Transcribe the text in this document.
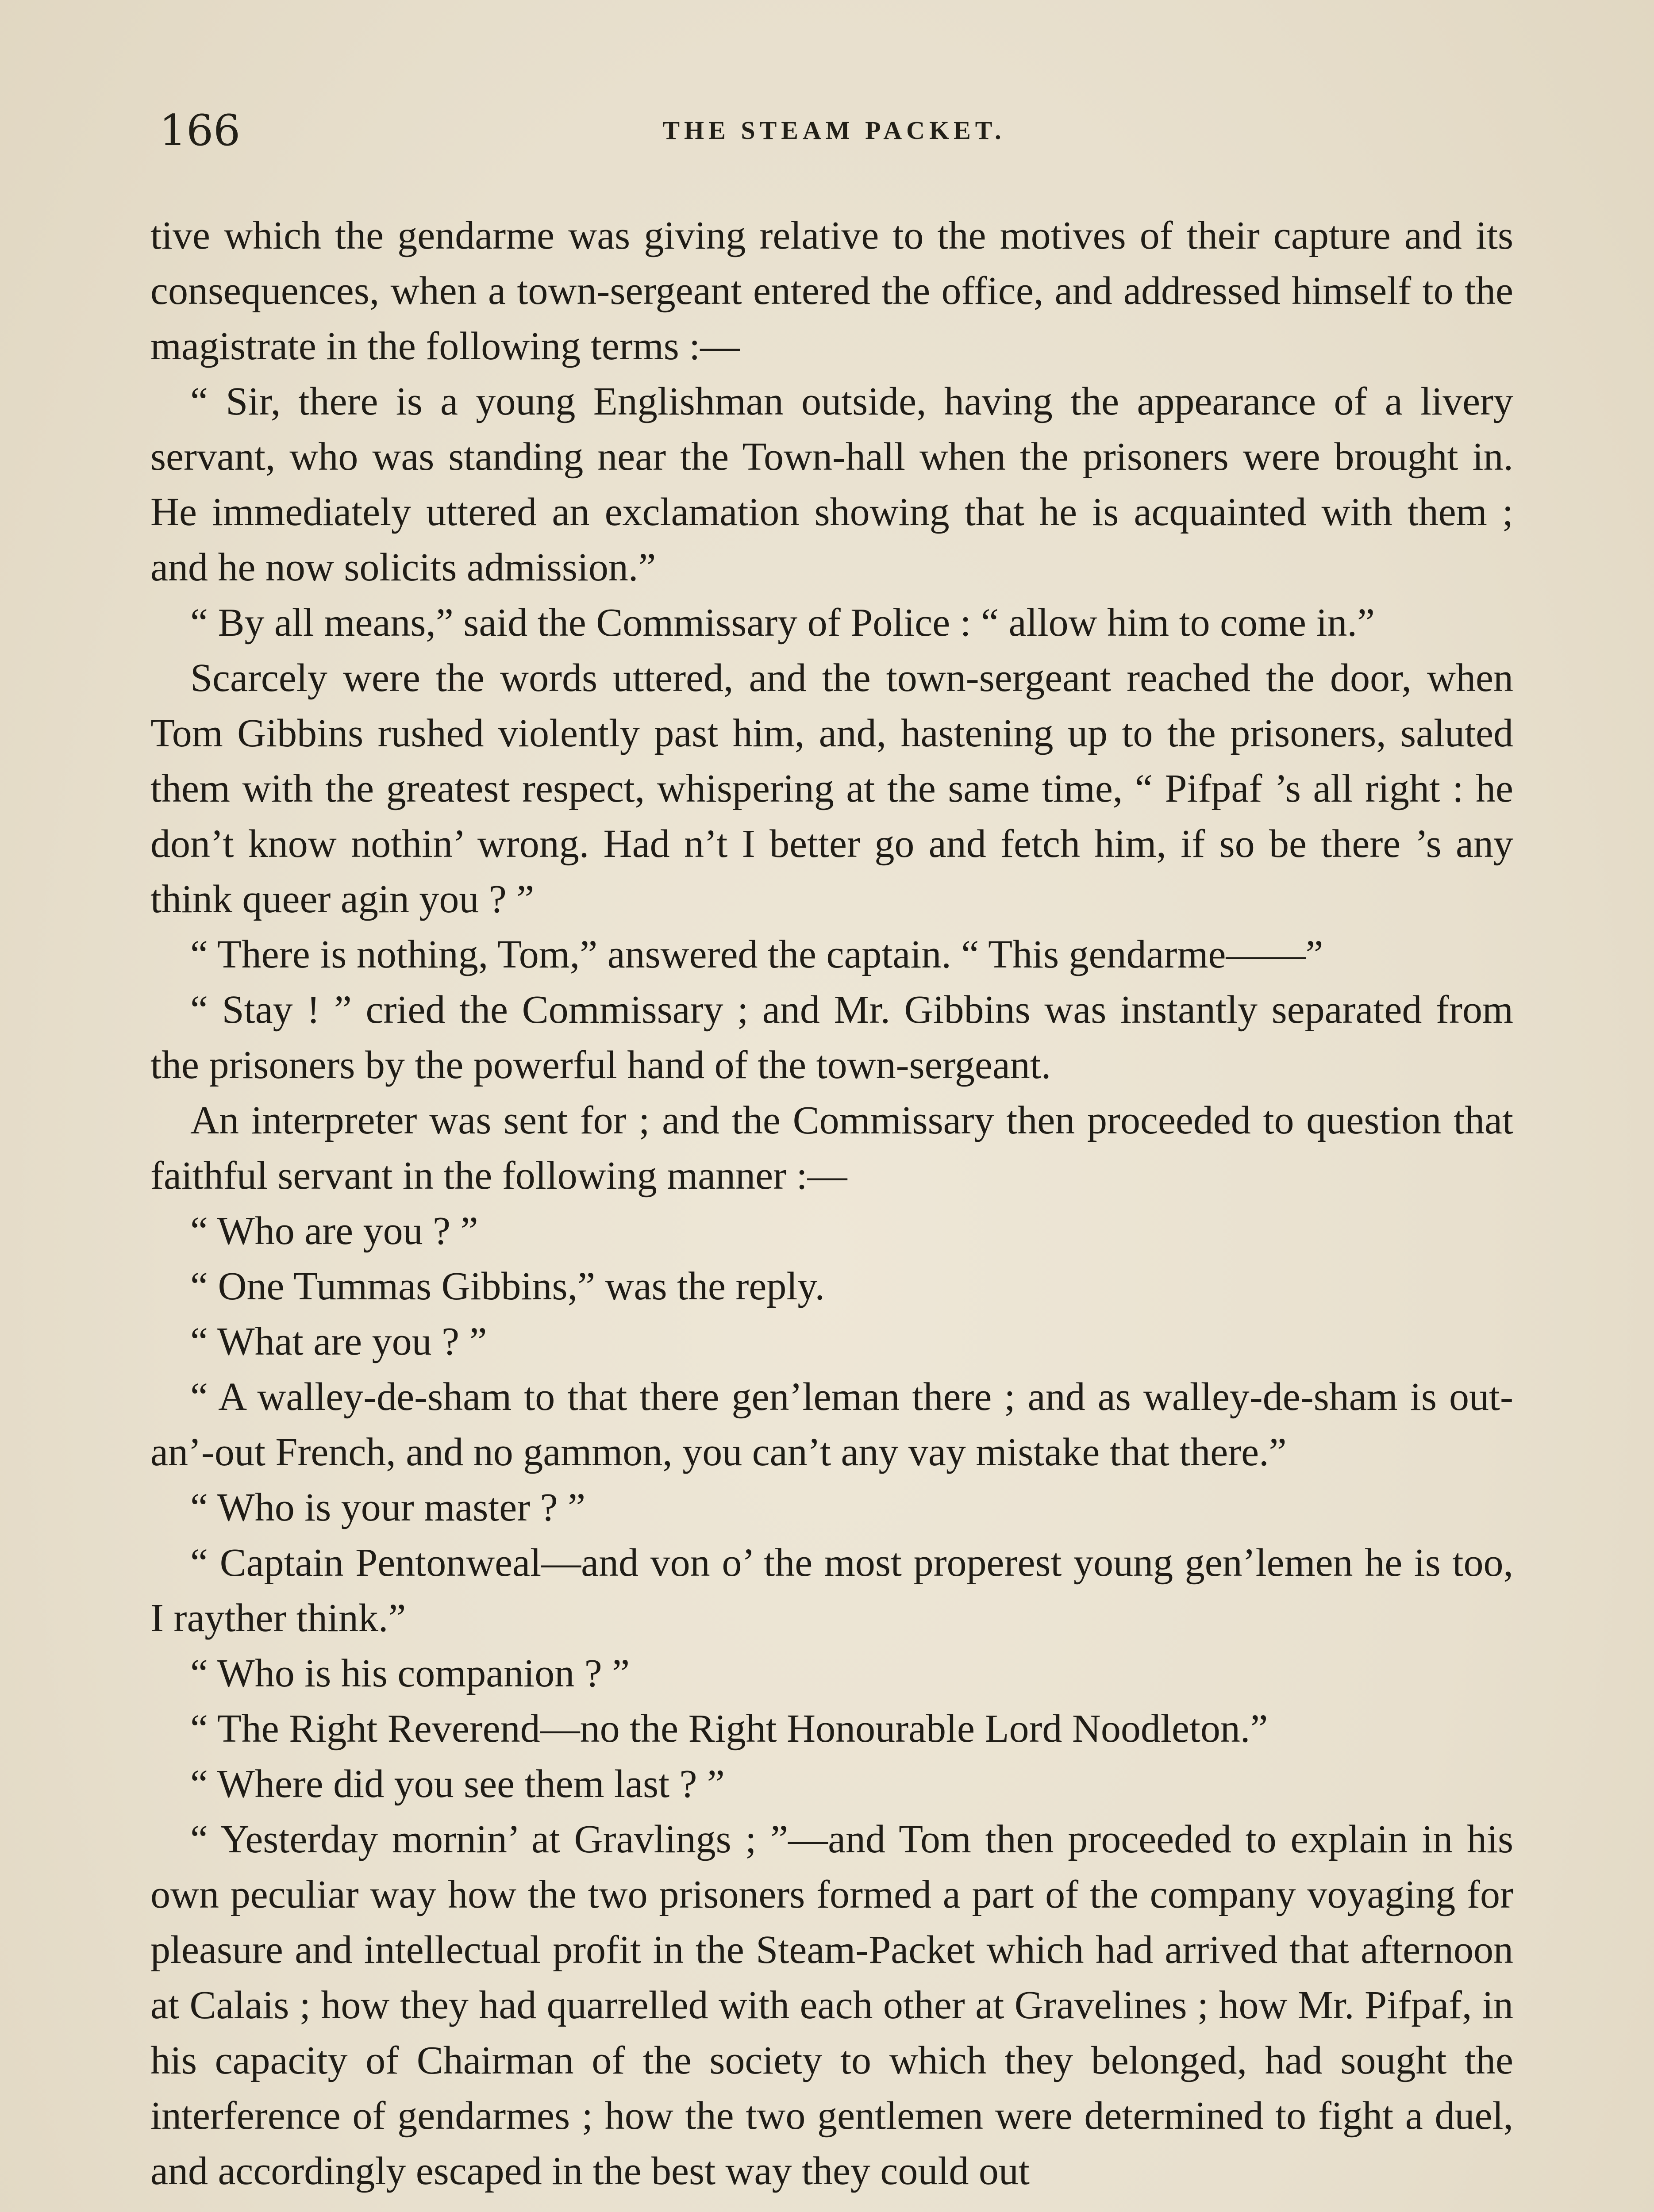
166	THE STEAM PACKET.

tive which the gendarme was giving relative to the motives of their capture and its consequences, when a town-sergeant entered the office, and addressed himself to the magistrate in the following terms :—

“ Sir, there is a young Englishman outside, having the appearance of a livery servant, who was standing near the Town-hall when the prisoners were brought in. He immediately uttered an exclamation showing that he is acquainted with them ; and he now solicits admission.”

“ By all means,” said the Commissary of Police : “ allow him to come in.”

Scarcely were the words uttered, and the town-sergeant reached the door, when Tom Gibbins rushed violently past him, and, hastening up to the prisoners, saluted them with the greatest respect, whispering at the same time, “ Pifpaf ’s all right : he don’t know nothin’ wrong. Had n’t I better go and fetch him, if so be there ’s any think queer agin you ? ”

“ There is nothing, Tom,” answered the captain. “ This gendarme——”

“ Stay ! ” cried the Commissary ; and Mr. Gibbins was instantly separated from the prisoners by the powerful hand of the town-sergeant.

An interpreter was sent for ; and the Commissary then proceeded to question that faithful servant in the following manner :—

“ Who are you ? ”

“ One Tummas Gibbins,” was the reply.

“ What are you ? ”

“ A walley-de-sham to that there gen’leman there ; and as walley-de-sham is out-an’-out French, and no gammon, you can’t any vay mistake that there.”

“ Who is your master ? ”

“ Captain Pentonweal—and von o’ the most properest young gen’lemen he is too, I rayther think.”

“ Who is his companion ? ”

“ The Right Reverend—no the Right Honourable Lord Noodleton.”

“ Where did you see them last ? ”

“ Yesterday mornin’ at Gravlings ; ”—and Tom then proceeded to explain in his own peculiar way how the two prisoners formed a part of the company voyaging for pleasure and intellectual profit in the Steam-Packet which had arrived that afternoon at Calais ; how they had quarrelled with each other at Gravelines ; how Mr. Pifpaf, in his capacity of Chairman of the society to which they belonged, had sought the interference of gendarmes ; how the two gentlemen were determined to fight a duel, and accordingly escaped in the best way they could out
